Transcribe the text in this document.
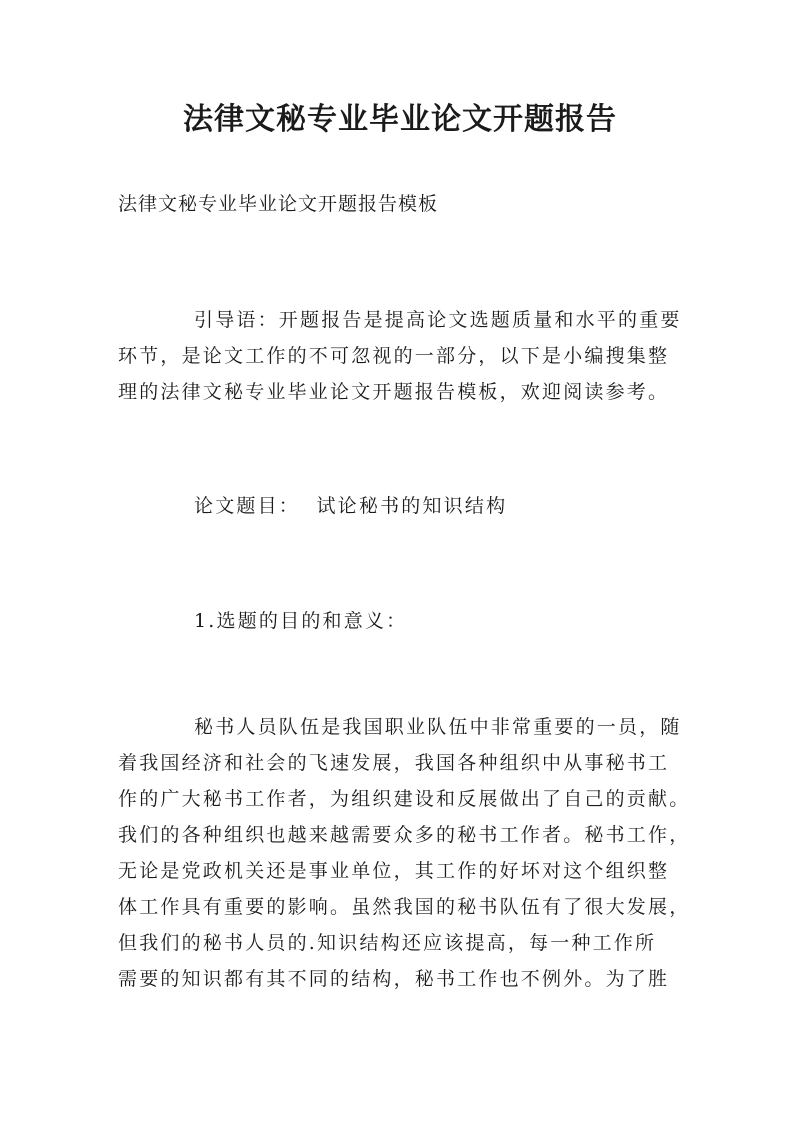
法律文秘专业毕业论文开题报告
法律文秘专业毕业论文开题报告模板
引导语：开题报告是提高论文选题质量和水平的重要
环节，是论文工作的不可忽视的一部分，以下是小编搜集整
理的法律文秘专业毕业论文开题报告模板，欢迎阅读参考。
论文题目：  试论秘书的知识结构
1.选题的目的和意义：
秘书人员队伍是我国职业队伍中非常重要的一员，随
着我国经济和社会的飞速发展，我国各种组织中从事秘书工
作的广大秘书工作者，为组织建设和反展做出了自己的贡献。
我们的各种组织也越来越需要众多的秘书工作者。秘书工作，
无论是党政机关还是事业单位，其工作的好坏对这个组织整
体工作具有重要的影响。虽然我国的秘书队伍有了很大发展，
但我们的秘书人员的.知识结构还应该提高，每一种工作所
需要的知识都有其不同的结构，秘书工作也不例外。为了胜
